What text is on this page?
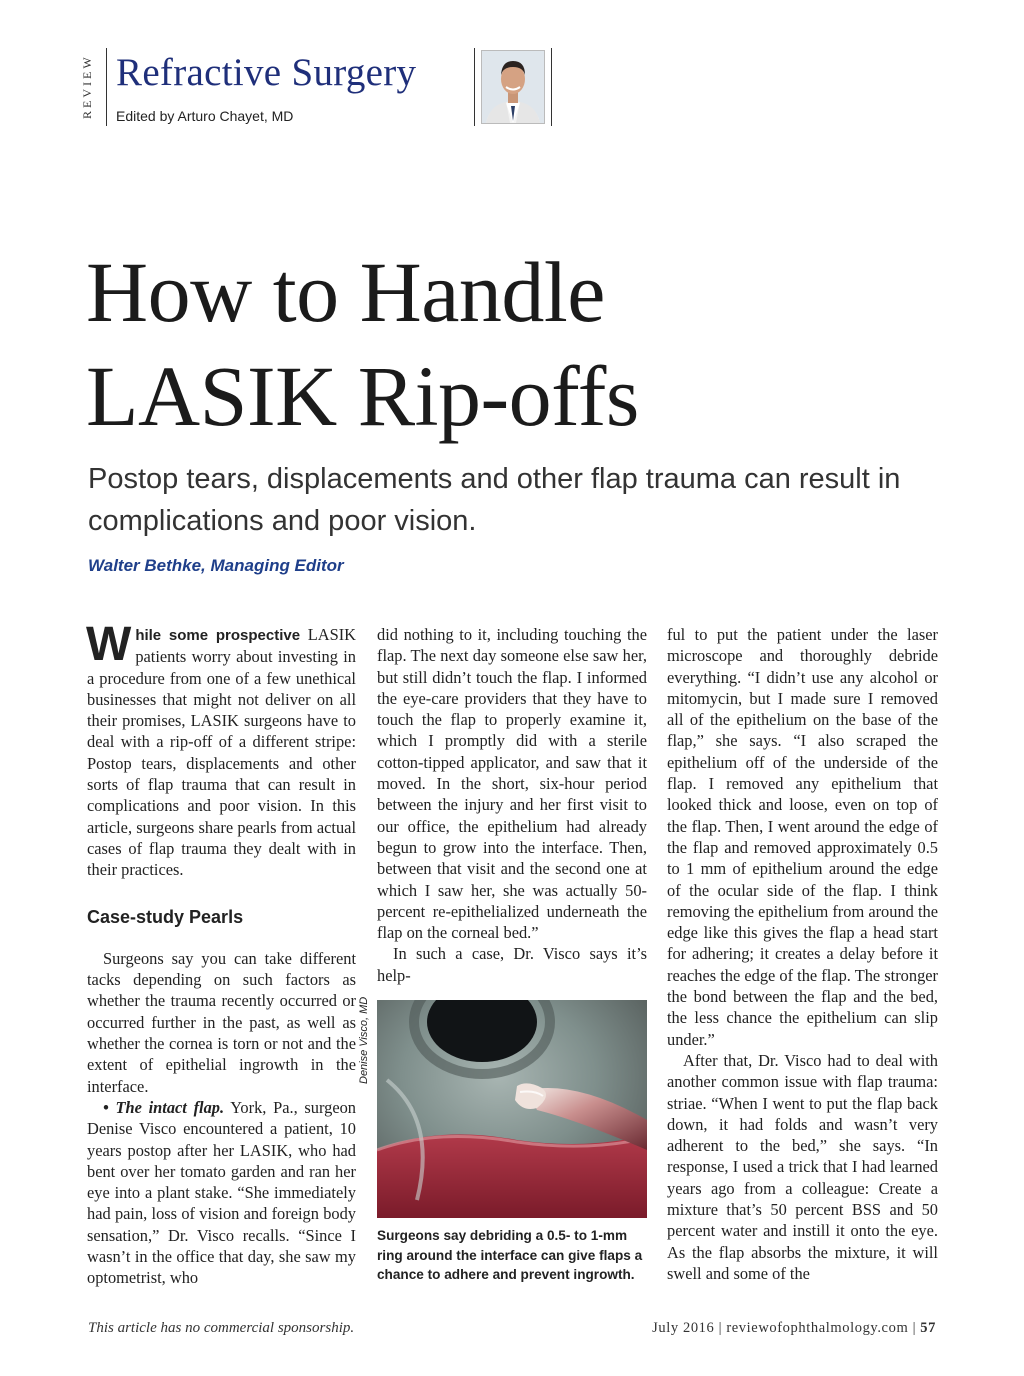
REVIEW Refractive Surgery
Edited by Arturo Chayet, MD
How to Handle
LASIK Rip-offs
Postop tears, displacements and other flap trauma can result in complications and poor vision.
Walter Bethke, Managing Editor

While some prospective LASIK patients worry about investing in a procedure from one of a few unethical businesses that might not deliver on all their promises, LASIK surgeons have to deal with a rip-off of a different stripe: Postop tears, displacements and other sorts of flap trauma that can result in complications and poor vision. In this article, surgeons share pearls from actual cases of flap trauma they dealt with in their practices.

Case-study Pearls

Surgeons say you can take different tacks depending on such factors as whether the trauma recently occurred or occurred further in the past, as well as whether the cornea is torn or not and the extent of epithelial ingrowth in the interface.

• The intact flap. York, Pa., surgeon Denise Visco encountered a patient, 10 years postop after her LASIK, who had bent over her tomato garden and ran her eye into a plant stake. “She immediately had pain, loss of vision and foreign body sensation,” Dr. Visco recalls. “Since I wasn’t in the office that day, she saw my optometrist, who

did nothing to it, including touching the flap. The next day someone else saw her, but still didn’t touch the flap. I informed the eye-care providers that they have to touch the flap to properly examine it, which I promptly did with a sterile cotton-tipped applicator, and saw that it moved. In the short, six-hour period between the injury and her first visit to our office, the epithelium had already begun to grow into the interface. Then, between that visit and the second one at which I saw her, she was actually 50-percent re-epithelialized underneath the flap on the corneal bed.”

In such a case, Dr. Visco says it’s help-

Denise Visco, MD
Surgeons say debriding a 0.5- to 1-mm ring around the interface can give flaps a chance to adhere and prevent ingrowth.

ful to put the patient under the laser microscope and thoroughly debride everything. “I didn’t use any alcohol or mitomycin, but I made sure I removed all of the epithelium on the base of the flap,” she says. “I also scraped the epithelium off of the underside of the flap. I removed any epithelium that looked thick and loose, even on top of the flap. Then, I went around the edge of the flap and removed approximately 0.5 to 1 mm of epithelium around the edge of the ocular side of the flap. I think removing the epithelium from around the edge like this gives the flap a head start for adhering; it creates a delay before it reaches the edge of the flap. The stronger the bond between the flap and the bed, the less chance the epithelium can slip under.”

After that, Dr. Visco had to deal with another common issue with flap trauma: striae. “When I went to put the flap back down, it had folds and wasn’t very adherent to the bed,” she says. “In response, I used a trick that I had learned years ago from a colleague: Create a mixture that’s 50 percent BSS and 50 percent water and instill it onto the eye. As the flap absorbs the mixture, it will swell and some of the

This article has no commercial sponsorship.	July 2016 | reviewofophthalmology.com | 57
